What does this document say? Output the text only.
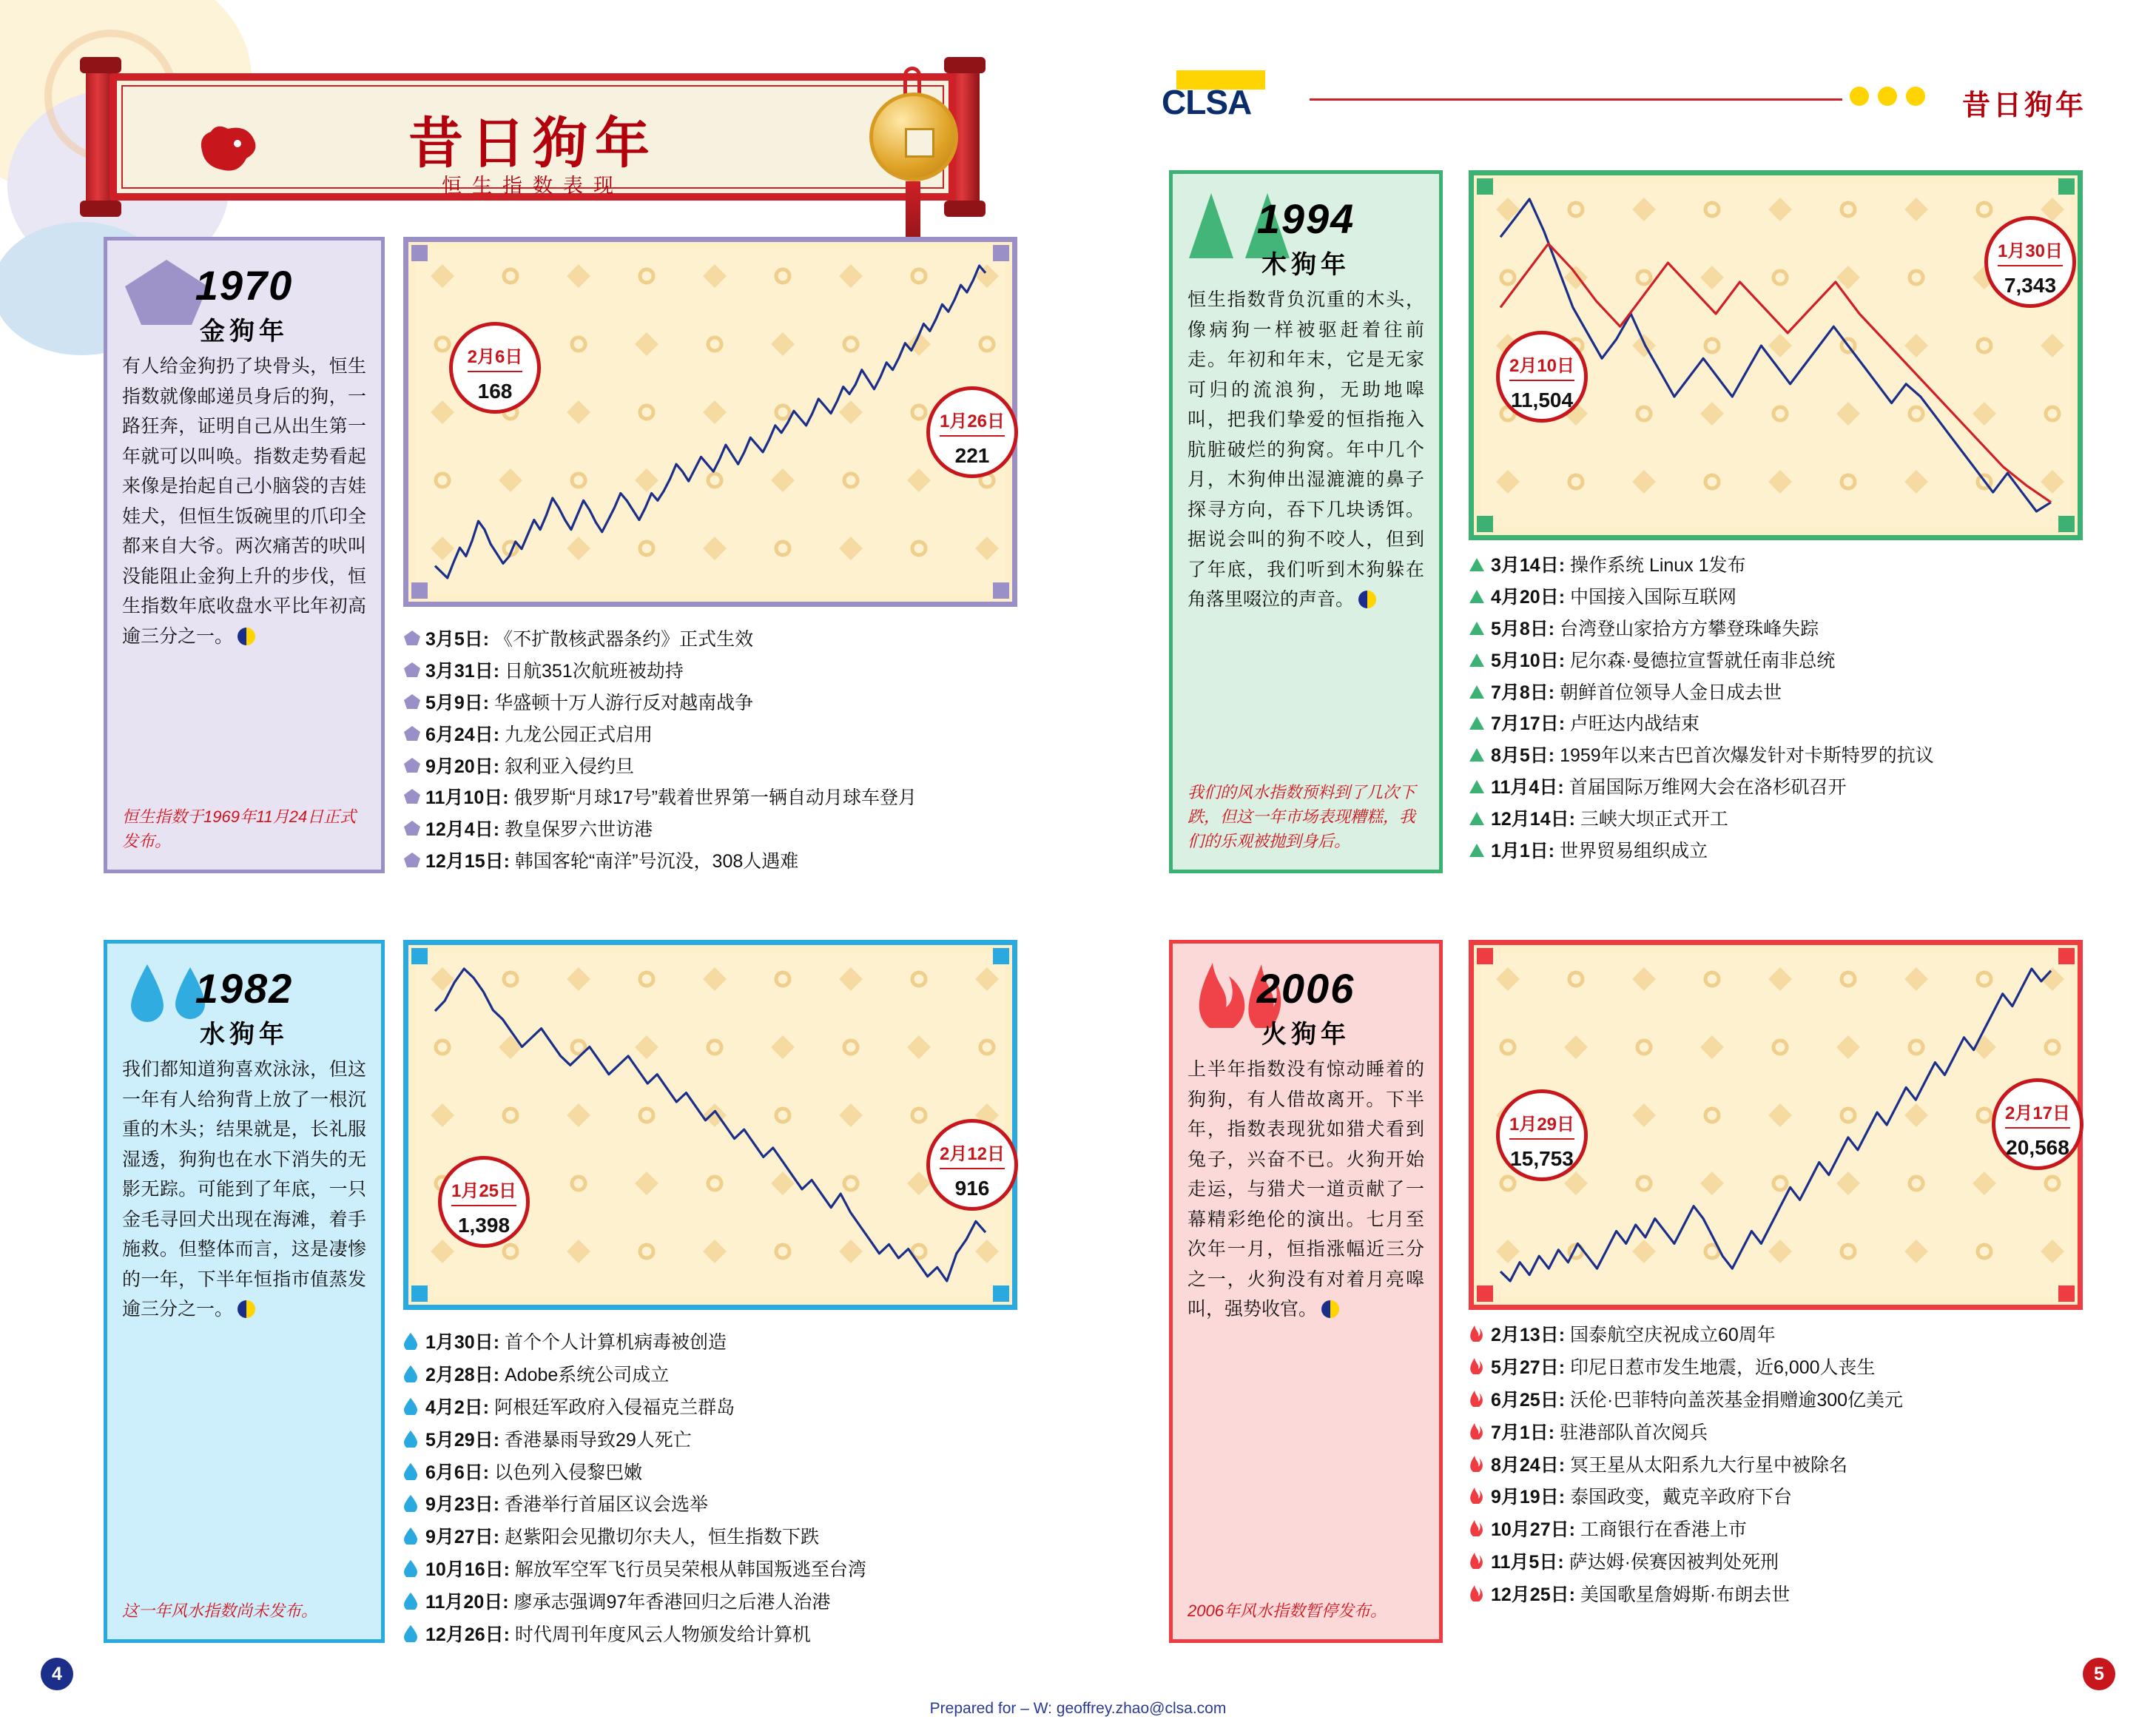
昔日狗年
恒生指数表现
CLSA	昔日狗年
1970
金狗年
有人给金狗扔了块骨头，恒生指数就像邮递员身后的狗，一路狂奔，证明自己从出生第一年就可以叫唤。指数走势看起来像是抬起自己小脑袋的吉娃娃犬，但恒生饭碗里的爪印全都来自大爷。两次痛苦的吠叫没能阻止金狗上升的步伐，恒生指数年底收盘水平比年初高逾三分之一。
恒生指数于1969年11月24日正式发布。
2月6日
168
1月26日
221
3月5日: 《不扩散核武器条约》正式生效
3月31日: 日航351次航班被劫持
5月9日: 华盛顿十万人游行反对越南战争
6月24日: 九龙公园正式启用
9月20日: 叙利亚入侵约旦
11月10日: 俄罗斯“月球17号”载着世界第一辆自动月球车登月
12月4日: 教皇保罗六世访港
12月15日: 韩国客轮“南洋”号沉没，308人遇难
1982
水狗年
我们都知道狗喜欢泳泳，但这一年有人给狗背上放了一根沉重的木头；结果就是，长礼服湿透，狗狗也在水下消失的无影无踪。可能到了年底，一只金毛寻回犬出现在海滩，着手施救。但整体而言，这是凄惨的一年，下半年恒指市值蒸发逾三分之一。
这一年风水指数尚未发布。
1月25日
1,398
2月12日
916
1月30日: 首个个人计算机病毒被创造
2月28日: Adobe系统公司成立
4月2日: 阿根廷军政府入侵福克兰群岛
5月29日: 香港暴雨导致29人死亡
6月6日: 以色列入侵黎巴嫩
9月23日: 香港举行首届区议会选举
9月27日: 赵紫阳会见撒切尔夫人，恒生指数下跌
10月16日: 解放军空军飞行员吴荣根从韩国叛逃至台湾
11月20日: 廖承志强调97年香港回归之后港人治港
12月26日: 时代周刊年度风云人物颁发给计算机
1994
木狗年
恒生指数背负沉重的木头，像病狗一样被驱赶着往前走。年初和年末，它是无家可归的流浪狗，无助地嗥叫，把我们挚爱的恒指拖入肮脏破烂的狗窝。年中几个月，木狗伸出湿漉漉的鼻子探寻方向，吞下几块诱饵。据说会叫的狗不咬人，但到了年底，我们听到木狗躲在角落里啜泣的声音。
我们的风水指数预料到了几次下跌，但这一年市场表现糟糕，我们的乐观被抛到身后。
2月10日
11,504
1月30日
7,343
3月14日: 操作系统 Linux 1发布
4月20日: 中国接入国际互联网
5月8日: 台湾登山家拾方方攀登珠峰失踪
5月10日: 尼尔森·曼德拉宣誓就任南非总统
7月8日: 朝鲜首位领导人金日成去世
7月17日: 卢旺达内战结束
8月5日: 1959年以来古巴首次爆发针对卡斯特罗的抗议
11月4日: 首届国际万维网大会在洛杉矶召开
12月14日: 三峡大坝正式开工
1月1日: 世界贸易组织成立
2006
火狗年
上半年指数没有惊动睡着的狗狗，有人借故离开。下半年，指数表现犹如猎犬看到兔子，兴奋不已。火狗开始走运，与猎犬一道贡献了一幕精彩绝伦的演出。七月至次年一月，恒指涨幅近三分之一，火狗没有对着月亮嗥叫，强势收官。
2006年风水指数暂停发布。
1月29日
15,753
2月17日
20,568
2月13日: 国泰航空庆祝成立60周年
5月27日: 印尼日惹市发生地震，近6,000人丧生
6月25日: 沃伦·巴菲特向盖茨基金捐赠逾300亿美元
7月1日: 驻港部队首次阅兵
8月24日: 冥王星从太阳系九大行星中被除名
9月19日: 泰国政变，戴克辛政府下台
10月27日: 工商银行在香港上市
11月5日: 萨达姆·侯赛因被判处死刑
12月25日: 美国歌星詹姆斯·布朗去世
4	5
Prepared for – W: geoffrey.zhao@clsa.com
